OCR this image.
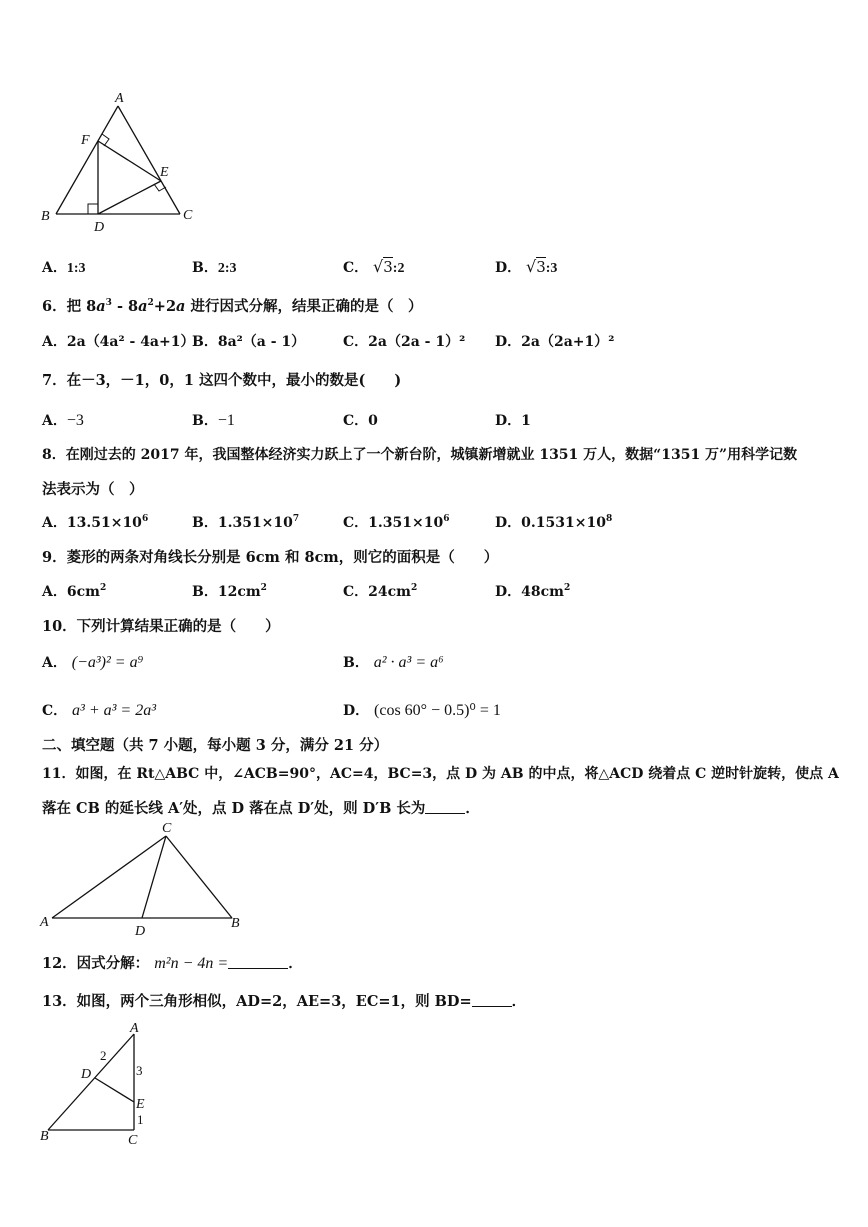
A
F
E
B
D
C
A．1:3	B．2:3	C． √3:2	D． √3:3
6．把 $8a^3 - 8a^2+2a$ 进行因式分解，结果正确的是（　）
A．2a（4a² - 4a+1）
B．8a²（a - 1）	C．2a（2a - 1）² D．2a（2a+1）²
7．在－3，－1，0，1 这四个数中，最小的数是(　　)
A．−3	B．−1	C．0	D．1
8．在刚过去的 2017 年，我国整体经济实力跃上了一个新台阶，城镇新增就业 1351 万人，数据“1351 万”用科学记数
法表示为（　）
A．$13.51\times 10^6$	B．$1.351\times 10^7$	C．$1.351\times 10^6$	D．$0.1531\times 10^8$
9．菱形的两条对角线长分别是 6cm 和 8cm，则它的面积是（　　）
A．$6cm^2$	B．$12cm^2$	C．$24cm^2$	D．$48cm^2$
10．下列计算结果正确的是（　　）
A． (−a³)² = a⁹	B． a² · a³ = a⁶
C． a³ + a³ = 2a³	D． (cos 60° − 0.5)⁰ = 1
二、填空题（共 7 小题，每小题 3 分，满分 21 分）
11．如图，在 Rt△ABC 中，∠ACB=90°，AC=4，BC=3，点 D 为 AB 的中点，将△ACD 绕着点 C 逆时针旋转，使点 A
落在 CB 的延长线 A′处，点 D 落在点 D′处，则 D′B 长为	．
C
A
D
B
12．因式分解： m²n − 4n =	．
13．如图，两个三角形相似，AD=2，AE=3，EC=1，则 BD=	．
A
D
E
B	C
2
3
1
